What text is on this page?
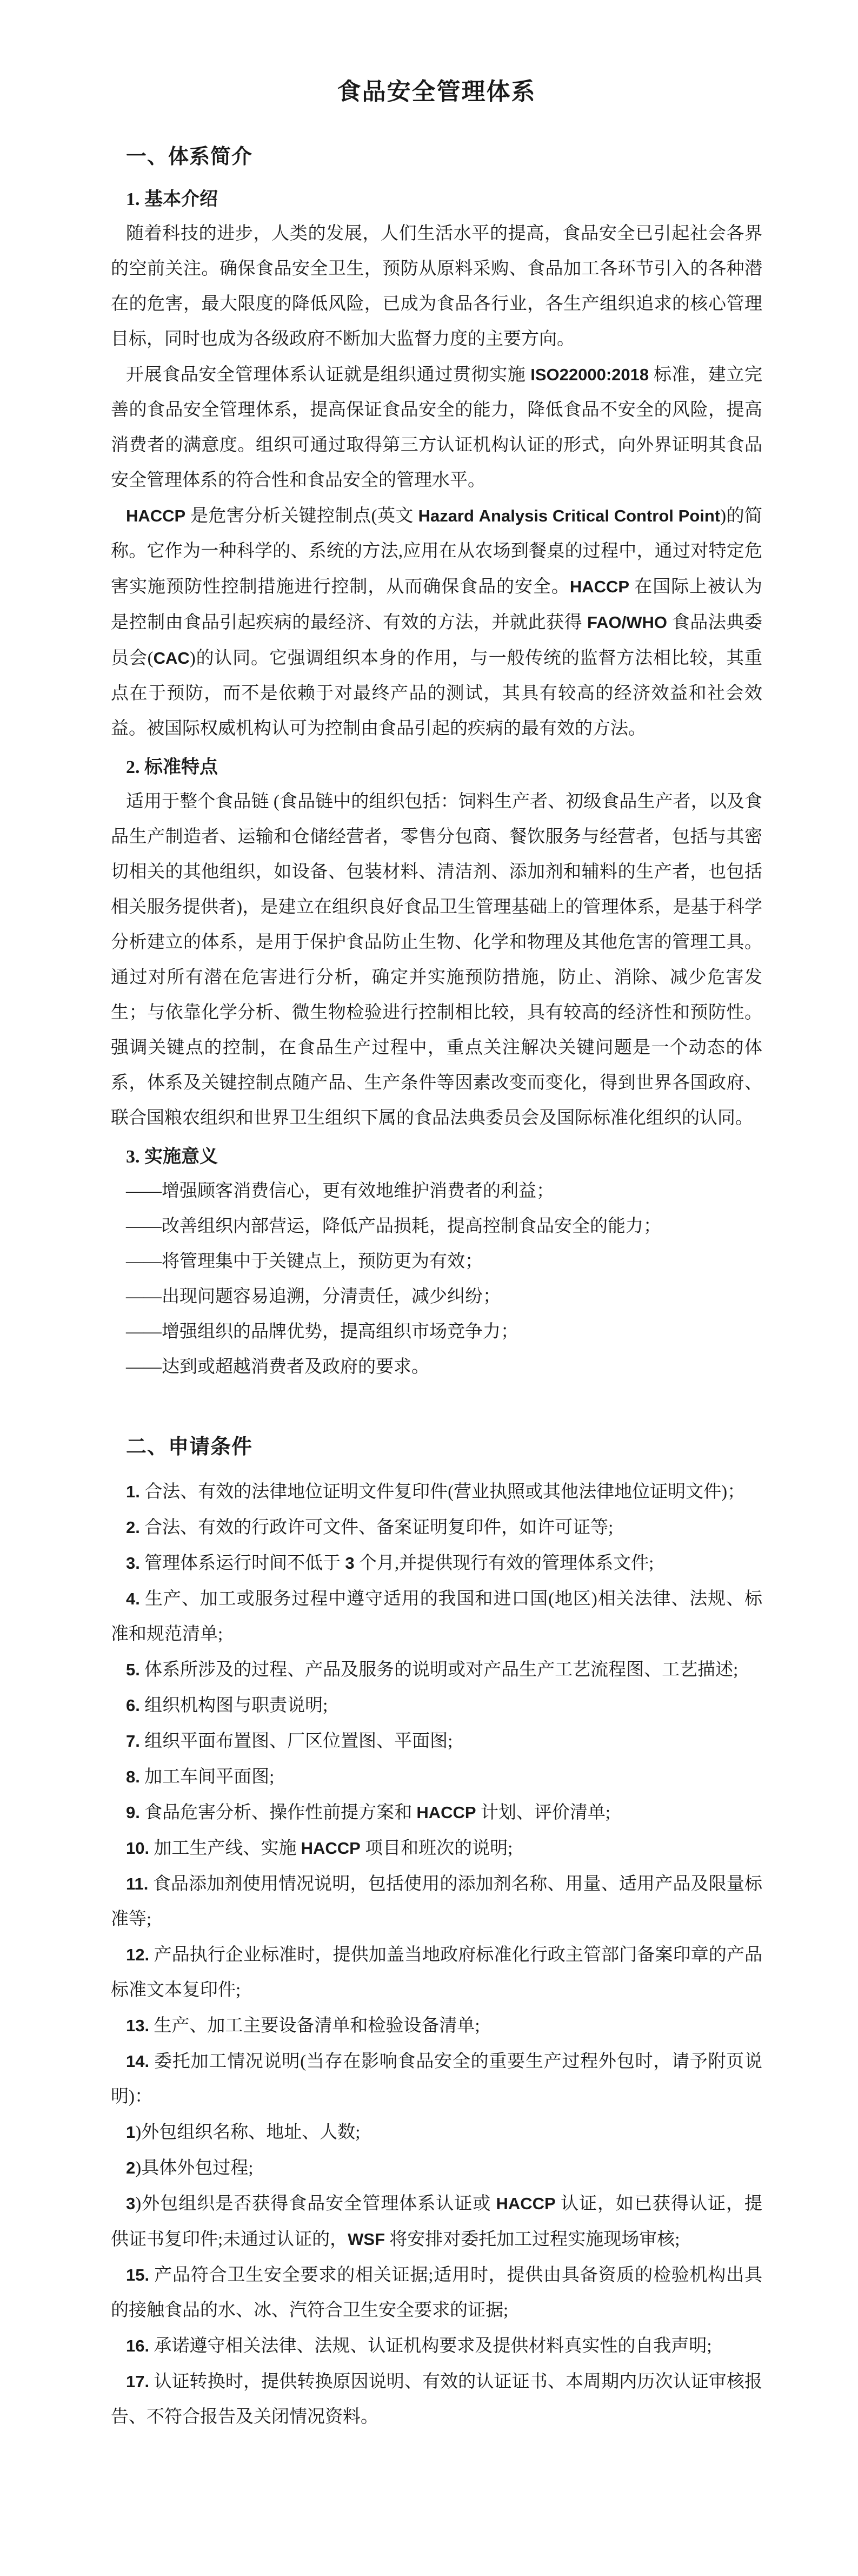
食品安全管理体系
一、体系简介
1. 基本介绍

随着科技的进步，人类的发展，人们生活水平的提高，食品安全已引起社会各界的空前关注。确保食品安全卫生，预防从原料采购、食品加工各环节引入的各种潜在的危害，最大限度的降低风险，已成为食品各行业，各生产组织追求的核心管理目标，同时也成为各级政府不断加大监督力度的主要方向。

开展食品安全管理体系认证就是组织通过贯彻实施 ISO22000:2018 标准，建立完善的食品安全管理体系，提高保证食品安全的能力，降低食品不安全的风险，提高消费者的满意度。组织可通过取得第三方认证机构认证的形式，向外界证明其食品安全管理体系的符合性和食品安全的管理水平。

HACCP 是危害分析关键控制点(英文 Hazard Analysis Critical Control Point)的简称。它作为一种科学的、系统的方法,应用在从农场到餐桌的过程中，通过对特定危害实施预防性控制措施进行控制，从而确保食品的安全。HACCP 在国际上被认为是控制由食品引起疾病的最经济、有效的方法，并就此获得 FAO/WHO 食品法典委员会(CAC)的认同。它强调组织本身的作用，与一般传统的监督方法相比较，其重点在于预防，而不是依赖于对最终产品的测试，其具有较高的经济效益和社会效益。被国际权威机构认可为控制由食品引起的疾病的最有效的方法。

2. 标准特点

适用于整个食品链 (食品链中的组织包括：饲料生产者、初级食品生产者，以及食品生产制造者、运输和仓储经营者，零售分包商、餐饮服务与经营者，包括与其密切相关的其他组织，如设备、包装材料、清洁剂、添加剂和辅料的生产者，也包括相关服务提供者)，是建立在组织良好食品卫生管理基础上的管理体系，是基于科学分析建立的体系，是用于保护食品防止生物、化学和物理及其他危害的管理工具。通过对所有潜在危害进行分析，确定并实施预防措施，防止、消除、减少危害发生；与依靠化学分析、微生物检验进行控制相比较，具有较高的经济性和预防性。强调关键点的控制，在食品生产过程中，重点关注解决关键问题是一个动态的体系，体系及关键控制点随产品、生产条件等因素改变而变化，得到世界各国政府、联合国粮农组织和世界卫生组织下属的食品法典委员会及国际标准化组织的认同。

3. 实施意义

——增强顾客消费信心，更有效地维护消费者的利益；

——改善组织内部营运，降低产品损耗，提高控制食品安全的能力；

——将管理集中于关键点上，预防更为有效；

——出现问题容易追溯，分清责任，减少纠纷；

——增强组织的品牌优势，提高组织市场竞争力；

——达到或超越消费者及政府的要求。

二、申请条件

1. 合法、有效的法律地位证明文件复印件(营业执照或其他法律地位证明文件)；

2. 合法、有效的行政许可文件、备案证明复印件，如许可证等;

3. 管理体系运行时间不低于 3 个月,并提供现行有效的管理体系文件;

4. 生产、加工或服务过程中遵守适用的我国和进口国(地区)相关法律、法规、标准和规范清单;

5. 体系所涉及的过程、产品及服务的说明或对产品生产工艺流程图、工艺描述;

6. 组织机构图与职责说明;

7. 组织平面布置图、厂区位置图、平面图;

8. 加工车间平面图;

9. 食品危害分析、操作性前提方案和 HACCP 计划、评价清单;

10. 加工生产线、实施 HACCP 项目和班次的说明;

11. 食品添加剂使用情况说明，包括使用的添加剂名称、用量、适用产品及限量标准等;

12. 产品执行企业标准时，提供加盖当地政府标准化行政主管部门备案印章的产品标准文本复印件;

13. 生产、加工主要设备清单和检验设备清单;

14. 委托加工情况说明(当存在影响食品安全的重要生产过程外包时，请予附页说明)：

1)外包组织名称、地址、人数;

2)具体外包过程;

3)外包组织是否获得食品安全管理体系认证或 HACCP 认证，如已获得认证，提供证书复印件;未通过认证的，WSF 将安排对委托加工过程实施现场审核;

15. 产品符合卫生安全要求的相关证据;适用时，提供由具备资质的检验机构出具的接触食品的水、冰、汽符合卫生安全要求的证据;

16. 承诺遵守相关法律、法规、认证机构要求及提供材料真实性的自我声明;

17. 认证转换时，提供转换原因说明、有效的认证证书、本周期内历次认证审核报告、不符合报告及关闭情况资料。
